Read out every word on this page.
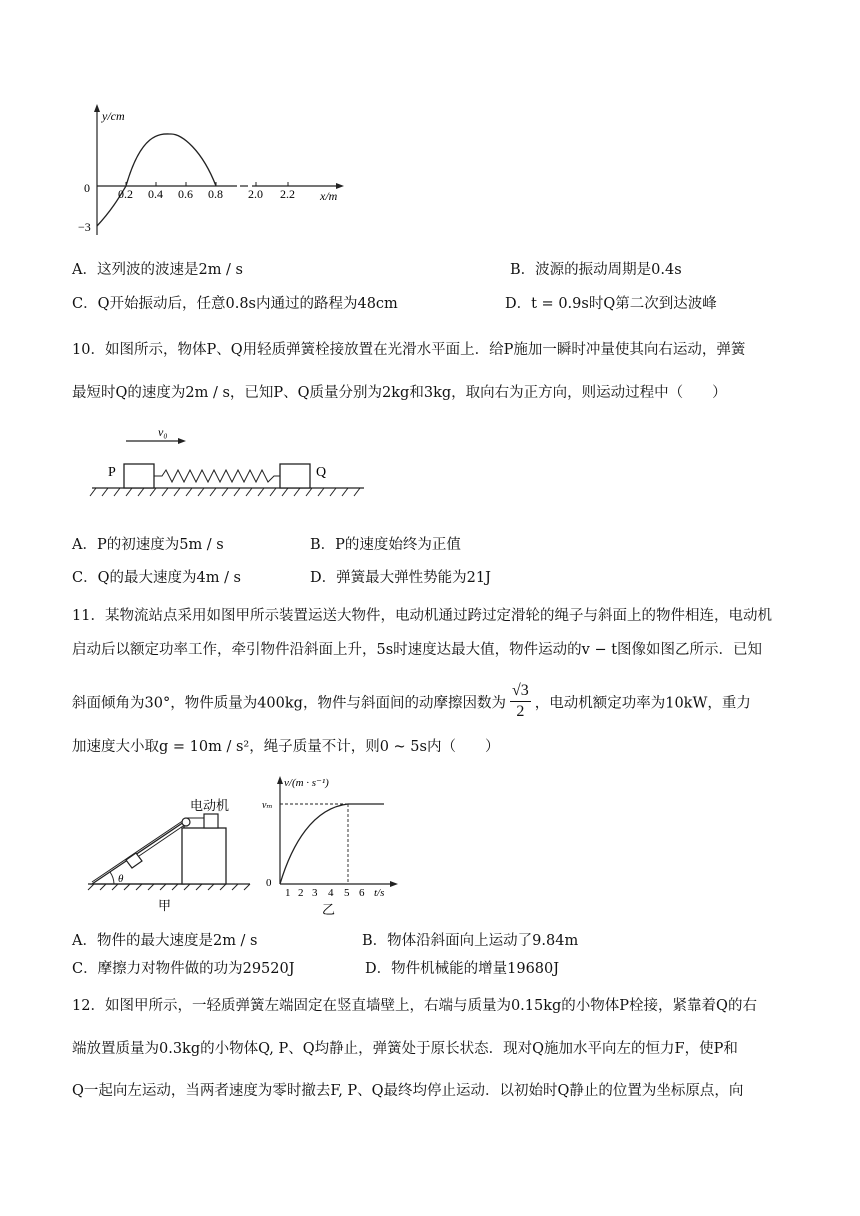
y/cm
0
−3
0.2 0.4 0.6 0.8 2.0 2.2 x/m
A．这列波的波速是2m / s	B．波源的振动周期是0.4s
C．Q开始振动后，任意0.8s内通过的路程为48cm	D．t = 0.9s时Q第二次到达波峰
10．如图所示，物体P、Q用轻质弹簧栓接放置在光滑水平面上．给P施加一瞬时冲量使其向右运动，弹簧
最短时Q的速度为2m / s，已知P、Q质量分别为2kg和3kg，取向右为正方向，则运动过程中（　　）
v₀
P	Q
A．P的初速度为5m / s	B．P的速度始终为正值
C．Q的最大速度为4m / s	D．弹簧最大弹性势能为21J
11．某物流站点采用如图甲所示装置运送大物件，电动机通过跨过定滑轮的绳子与斜面上的物件相连，电动机
启动后以额定功率工作，牵引物件沿斜面上升，5s时速度达最大值，物件运动的v − t图像如图乙所示．已知
斜面倾角为30°，物件质量为400kg，物件与斜面间的动摩擦因数为 $\frac{√3}{2}$ ，电动机额定功率为10kW，重力
加速度大小取g = 10m / s²，绳子质量不计，则0 ~ 5s内（　　）
电动机
θ
甲
v/(m · s⁻¹)
vₘ
0
1 2 3 4 5 6 t/s
乙
A．物件的最大速度是2m / s	B．物体沿斜面向上运动了9.84m
C．摩擦力对物件做的功为29520J	D．物件机械能的增量19680J
12．如图甲所示，一轻质弹簧左端固定在竖直墙壁上，右端与质量为0.15kg的小物体P栓接，紧靠着Q的右
端放置质量为0.3kg的小物体Q, P、Q均静止，弹簧处于原长状态．现对Q施加水平向左的恒力F，使P和
Q一起向左运动，当两者速度为零时撤去F, P、Q最终均停止运动．以初始时Q静止的位置为坐标原点，向
